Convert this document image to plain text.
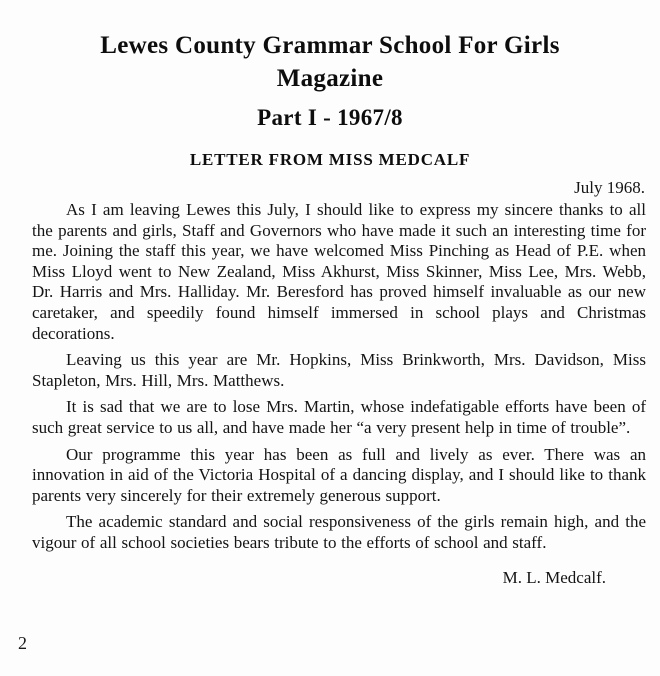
Lewes County Grammar School For Girls
Magazine
Part I - 1967/8
LETTER FROM MISS MEDCALF
July 1968.

As I am leaving Lewes this July, I should like to express my sincere thanks to all the parents and girls, Staff and Governors who have made it such an interesting time for me. Joining the staff this year, we have welcomed Miss Pinching as Head of P.E. when Miss Lloyd went to New Zealand, Miss Akhurst, Miss Skinner, Miss Lee, Mrs. Webb, Dr. Harris and Mrs. Halliday. Mr. Beresford has proved himself invaluable as our new caretaker, and speedily found himself immersed in school plays and Christmas decorations.

Leaving us this year are Mr. Hopkins, Miss Brinkworth, Mrs. Davidson, Miss Stapleton, Mrs. Hill, Mrs. Matthews.

It is sad that we are to lose Mrs. Martin, whose indefatigable efforts have been of such great service to us all, and have made her “a very present help in time of trouble”.

Our programme this year has been as full and lively as ever. There was an innovation in aid of the Victoria Hospital of a dancing display, and I should like to thank parents very sincerely for their extremely generous support.

The academic standard and social responsiveness of the girls remain high, and the vigour of all school societies bears tribute to the efforts of school and staff.

M. L. Medcalf.
2
